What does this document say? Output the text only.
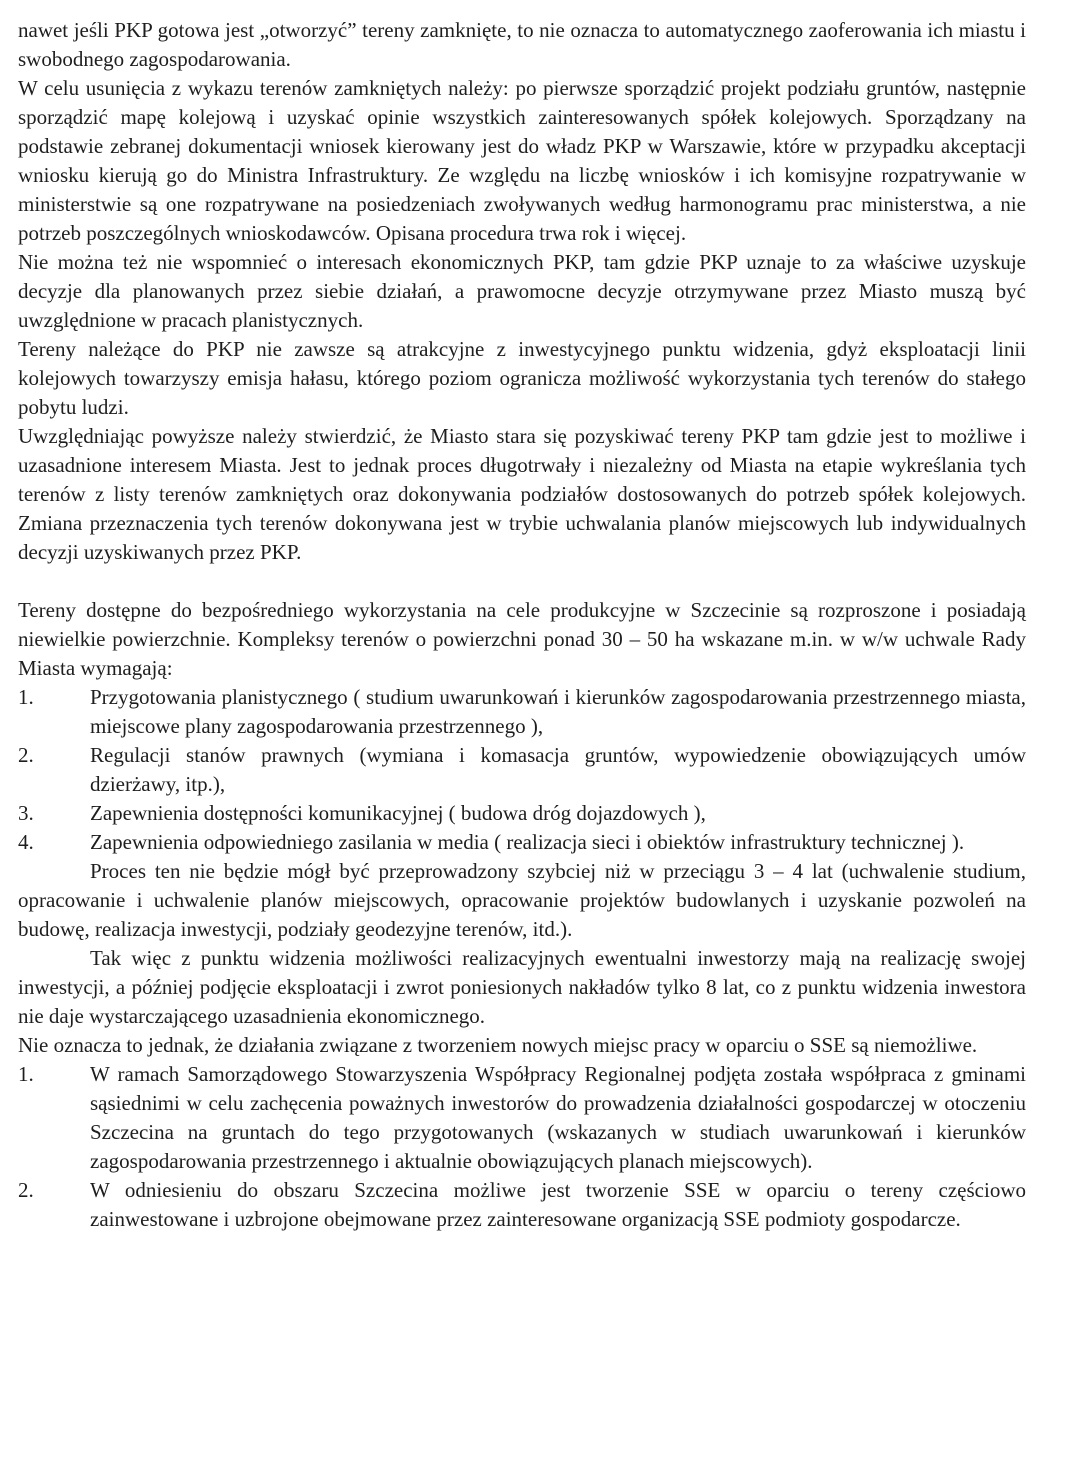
nawet jeśli PKP gotowa jest „otworzyć” tereny zamknięte, to nie oznacza to automatycznego zaoferowania ich miastu i swobodnego zagospodarowania.

W celu usunięcia z wykazu terenów zamkniętych należy: po pierwsze sporządzić projekt podziału gruntów, następnie sporządzić mapę kolejową i uzyskać opinie wszystkich zainteresowanych spółek kolejowych. Sporządzany na podstawie zebranej dokumentacji wniosek kierowany jest do władz PKP w Warszawie, które w przypadku akceptacji wniosku kierują go do Ministra Infrastruktury. Ze względu na liczbę wniosków i ich komisyjne rozpatrywanie w ministerstwie są one rozpatrywane na posiedzeniach zwoływanych według harmonogramu prac ministerstwa, a nie potrzeb poszczególnych wnioskodawców. Opisana procedura trwa rok i więcej.

Nie można też nie wspomnieć o interesach ekonomicznych PKP, tam gdzie PKP uznaje to za właściwe uzyskuje decyzje dla planowanych przez siebie działań, a prawomocne decyzje otrzymywane przez Miasto muszą być uwzględnione w pracach planistycznych.

Tereny należące do PKP nie zawsze są atrakcyjne z inwestycyjnego punktu widzenia, gdyż eksploatacji linii kolejowych towarzyszy emisja hałasu, którego poziom ogranicza możliwość wykorzystania tych terenów do stałego pobytu ludzi.

Uwzględniając powyższe należy stwierdzić, że Miasto stara się pozyskiwać tereny PKP tam gdzie jest to możliwe i uzasadnione interesem Miasta. Jest to jednak proces długotrwały i niezależny od Miasta na etapie wykreślania tych terenów z listy terenów zamkniętych oraz dokonywania podziałów dostosowanych do potrzeb spółek kolejowych. Zmiana przeznaczenia tych terenów dokonywana jest w trybie uchwalania planów miejscowych lub indywidualnych decyzji uzyskiwanych przez PKP.

Tereny dostępne do bezpośredniego wykorzystania na cele produkcyjne w Szczecinie są rozproszone i posiadają niewielkie powierzchnie. Kompleksy terenów o powierzchni ponad 30 – 50 ha wskazane m.in. w w/w uchwale Rady Miasta wymagają:

1.	Przygotowania planistycznego ( studium uwarunkowań i kierunków zagospodarowania przestrzennego miasta, miejscowe plany zagospodarowania przestrzennego ),
2.	Regulacji stanów prawnych (wymiana i komasacja gruntów, wypowiedzenie obowiązujących umów dzierżawy, itp.),
3.	Zapewnienia dostępności komunikacyjnej ( budowa dróg dojazdowych ),
4.	Zapewnienia odpowiedniego zasilania w media ( realizacja sieci i obiektów infrastruktury technicznej ).

Proces ten nie będzie mógł być przeprowadzony szybciej niż w przeciągu 3 – 4 lat (uchwalenie studium, opracowanie i uchwalenie planów miejscowych, opracowanie projektów budowlanych i uzyskanie pozwoleń na budowę, realizacja inwestycji, podziały geodezyjne terenów, itd.).

Tak więc z punktu widzenia możliwości realizacyjnych ewentualni inwestorzy mają na realizację swojej inwestycji, a później podjęcie eksploatacji i zwrot poniesionych nakładów tylko 8 lat, co z punktu widzenia inwestora nie daje wystarczającego uzasadnienia ekonomicznego.

Nie oznacza to jednak, że działania związane z tworzeniem nowych miejsc pracy w oparciu o SSE są niemożliwe.

1.	W ramach Samorządowego Stowarzyszenia Współpracy Regionalnej podjęta została współpraca z gminami sąsiednimi w celu zachęcenia poważnych inwestorów do prowadzenia działalności gospodarczej w otoczeniu Szczecina na gruntach do tego przygotowanych (wskazanych w studiach uwarunkowań i kierunków zagospodarowania przestrzennego i aktualnie obowiązujących planach miejscowych).
2.	W odniesieniu do obszaru Szczecina możliwe jest tworzenie SSE w oparciu o tereny częściowo zainwestowane i uzbrojone obejmowane przez zainteresowane organizacją SSE podmioty gospodarcze.
